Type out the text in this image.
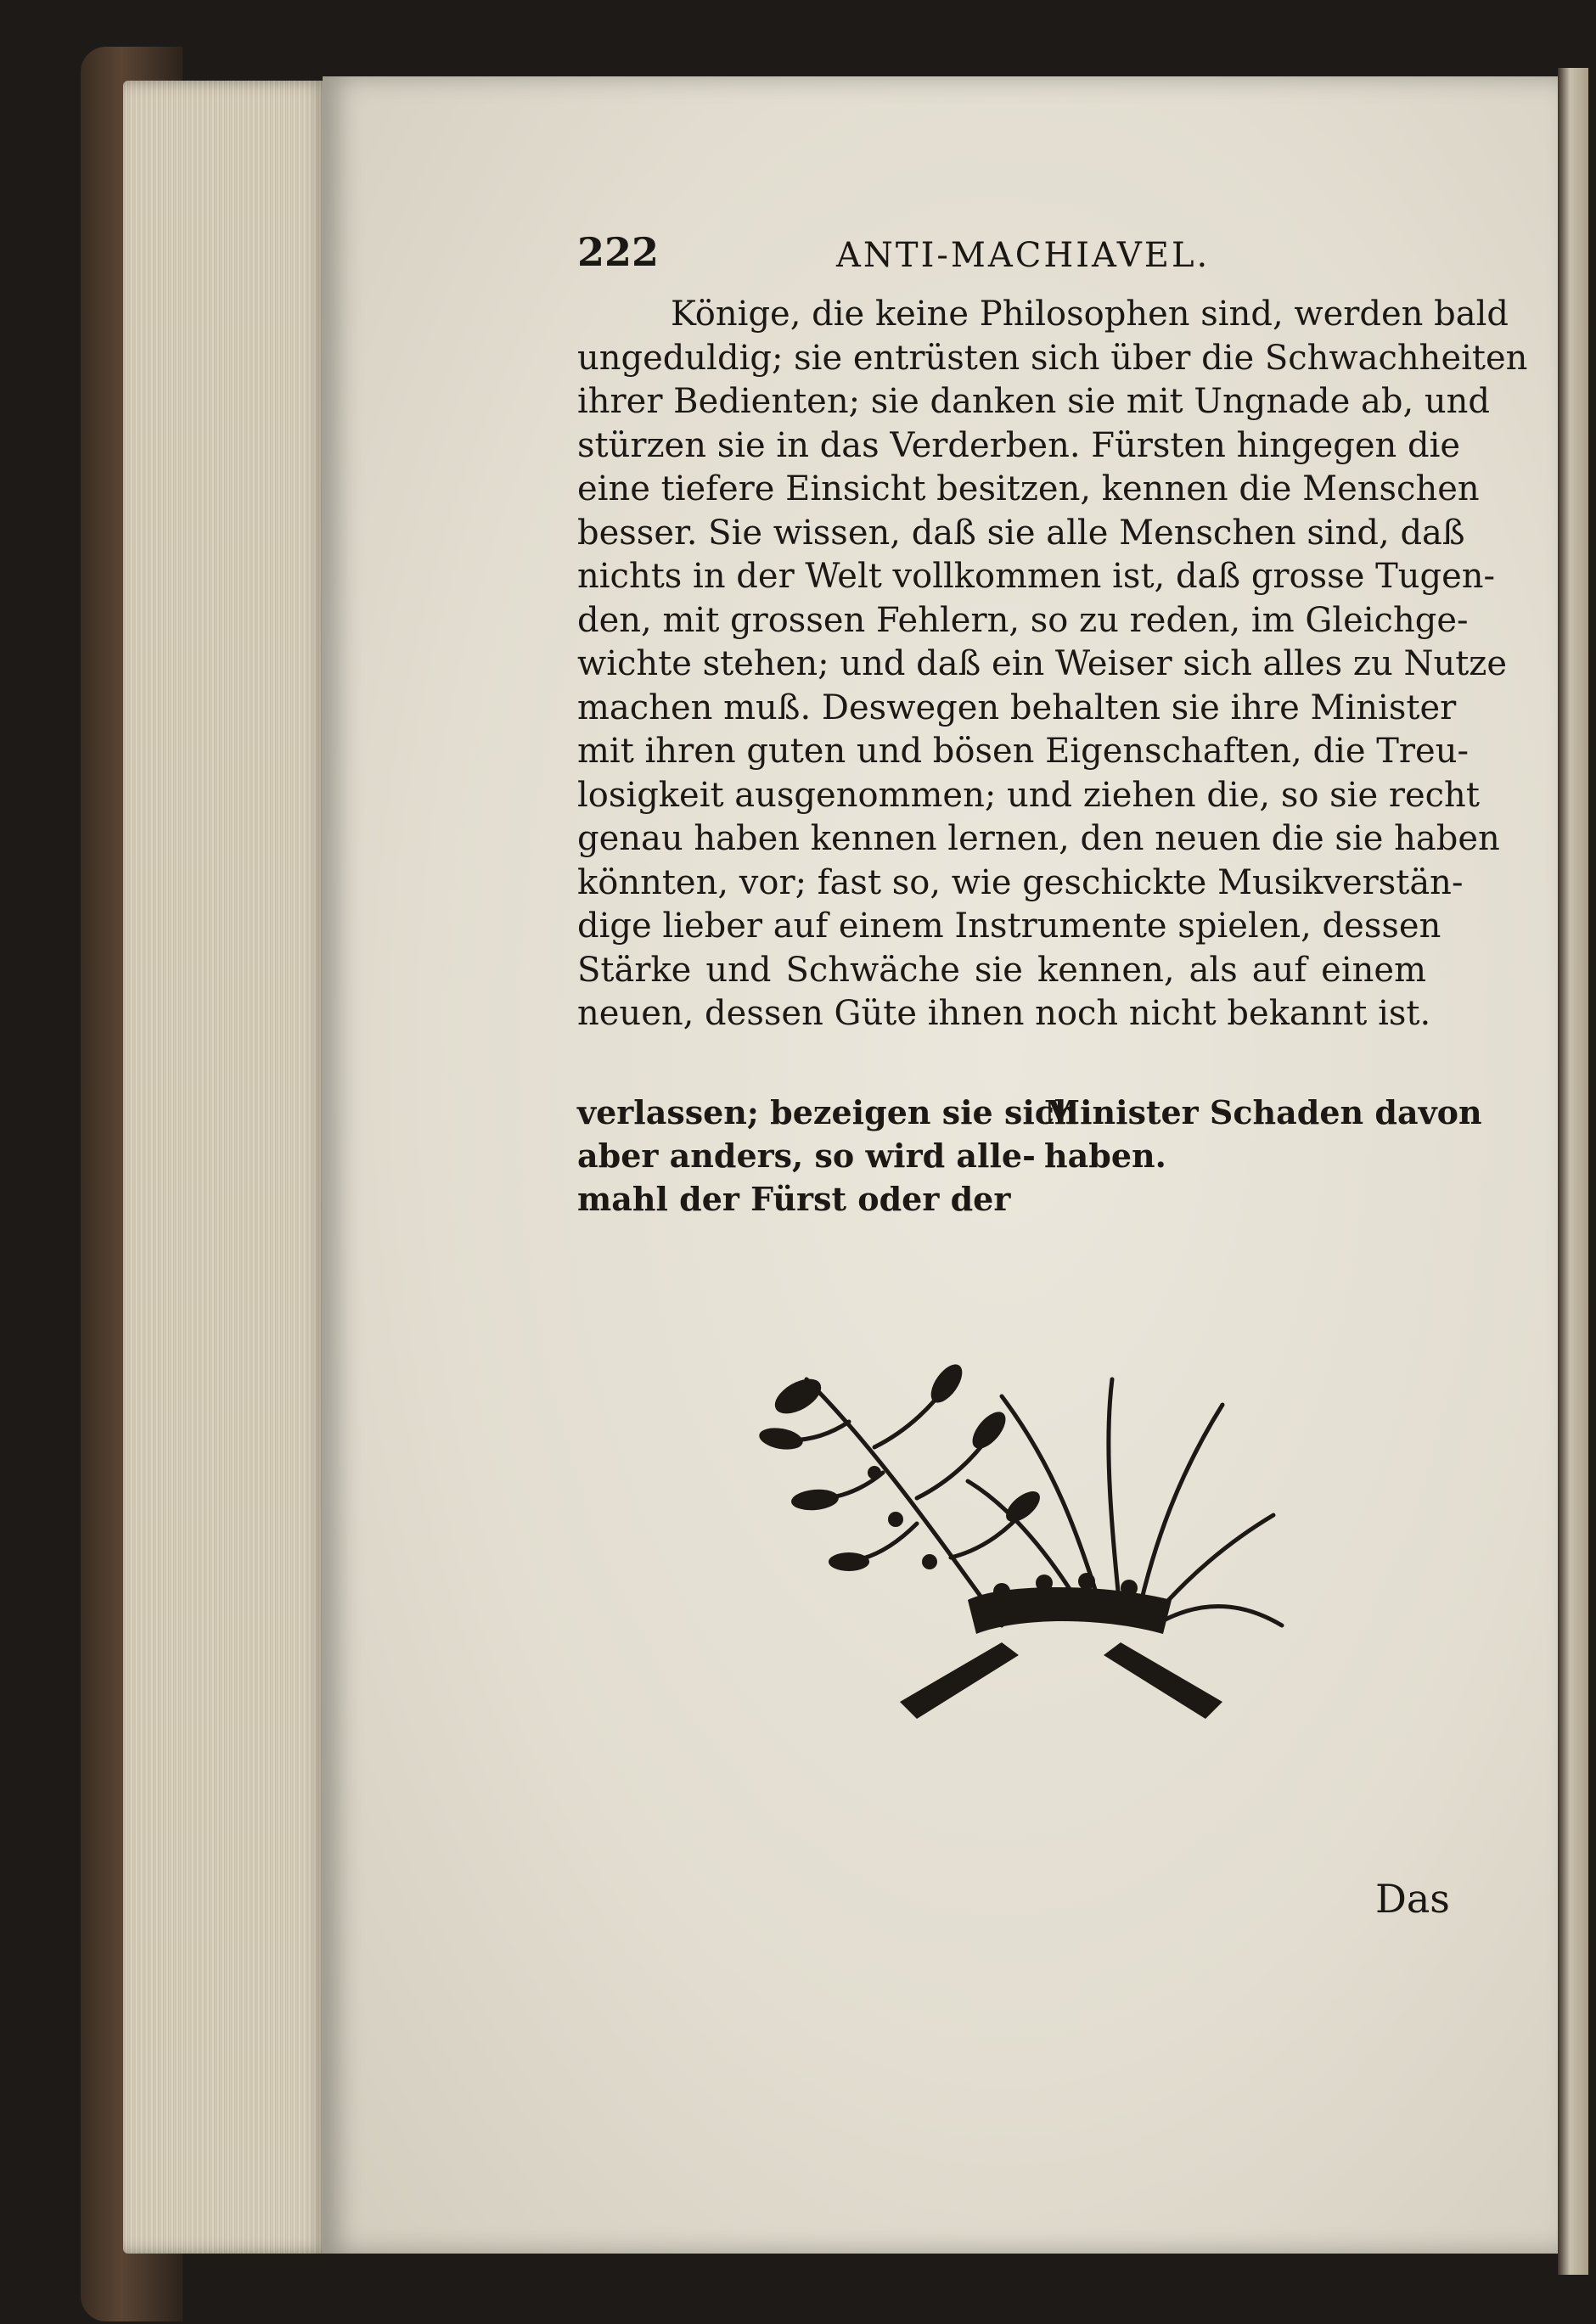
222	ANTI-MACHIAVEL.
Könige, die keine Philosophen sind, werden bald
ungeduldig; sie entrüsten sich über die Schwachheiten
ihrer Bedienten; sie danken sie mit Ungnade ab, und
stürzen sie in das Verderben. Fürsten hingegen die
eine tiefere Einsicht besitzen, kennen die Menschen
besser. Sie wissen, daß sie alle Menschen sind, daß
nichts in der Welt vollkommen ist, daß grosse Tugen-
den, mit grossen Fehlern, so zu reden, im Gleichge-
wichte stehen; und daß ein Weiser sich alles zu Nutze
machen muß. Deswegen behalten sie ihre Minister
mit ihren guten und bösen Eigenschaften, die Treu-
losigkeit ausgenommen; und ziehen die, so sie recht
genau haben kennen lernen, den neuen die sie haben
könnten, vor; fast so, wie geschickte Musikverstän-
dige lieber auf einem Instrumente spielen, dessen
Stärke und Schwäche sie kennen, als auf einem
neuen, dessen Güte ihnen noch nicht bekannt ist.
verlassen; bezeigen sie sich
aber anders, so wird alle-
mahl der Fürst oder der
Minister Schaden davon
haben.
Das
